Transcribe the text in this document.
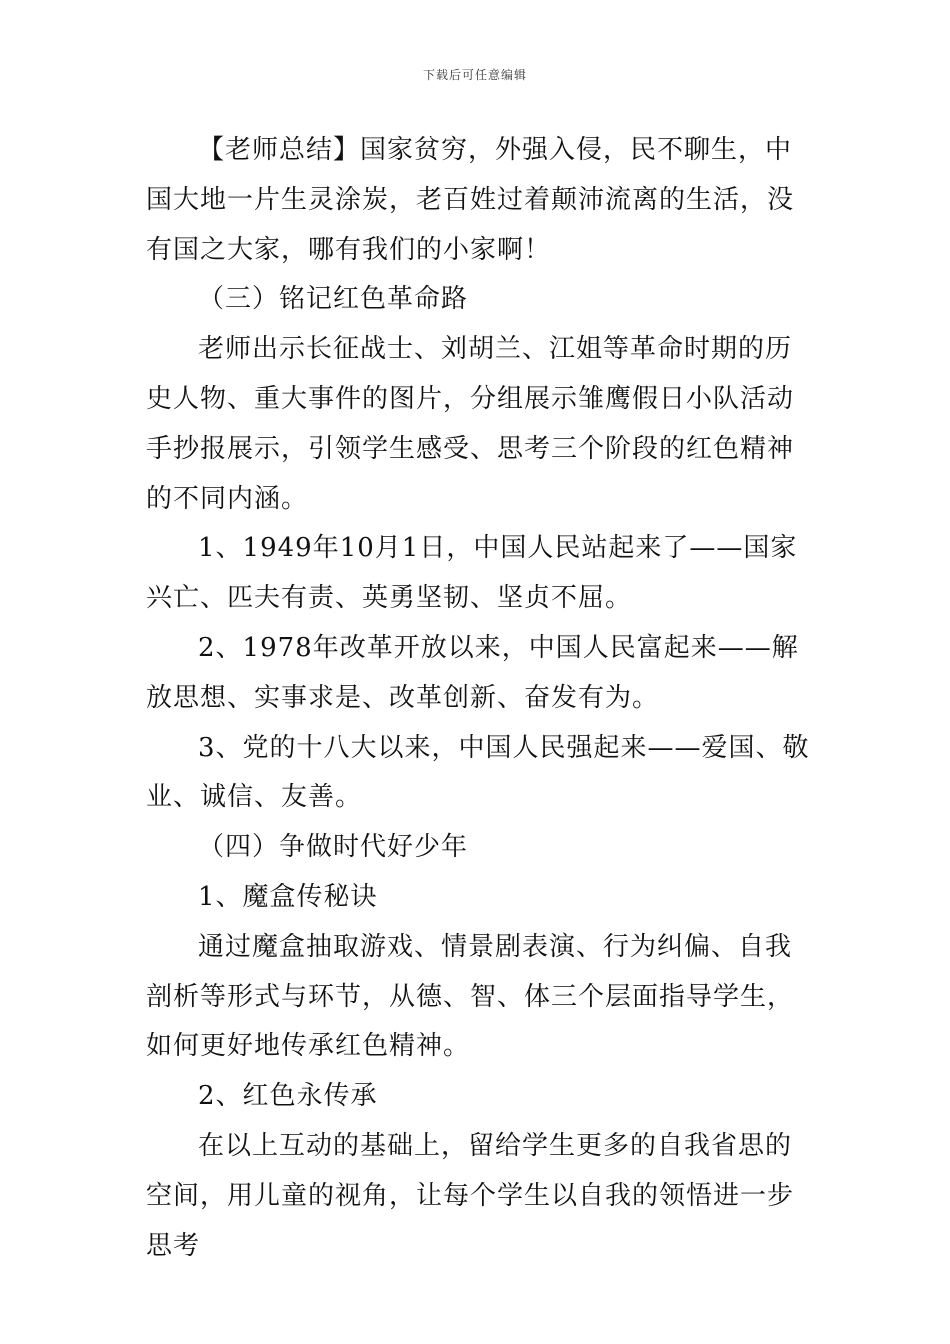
下载后可任意编辑

【老师总结】国家贫穷，外强入侵，民不聊生，中国大地一片生灵涂炭，老百姓过着颠沛流离的生活，没有国之大家，哪有我们的小家啊！

（三）铭记红色革命路

老师出示长征战士、刘胡兰、江姐等革命时期的历史人物、重大事件的图片，分组展示雏鹰假日小队活动手抄报展示，引领学生感受、思考三个阶段的红色精神的不同内涵。

1、1949年10月1日，中国人民站起来了——国家兴亡、匹夫有责、英勇坚韧、坚贞不屈。

2、1978年改革开放以来，中国人民富起来——解放思想、实事求是、改革创新、奋发有为。

3、党的十八大以来，中国人民强起来——爱国、敬业、诚信、友善。

（四）争做时代好少年

1、魔盒传秘诀

通过魔盒抽取游戏、情景剧表演、行为纠偏、自我剖析等形式与环节，从德、智、体三个层面指导学生，如何更好地传承红色精神。

2、红色永传承

在以上互动的基础上，留给学生更多的自我省思的空间，用儿童的视角，让每个学生以自我的领悟进一步思考
